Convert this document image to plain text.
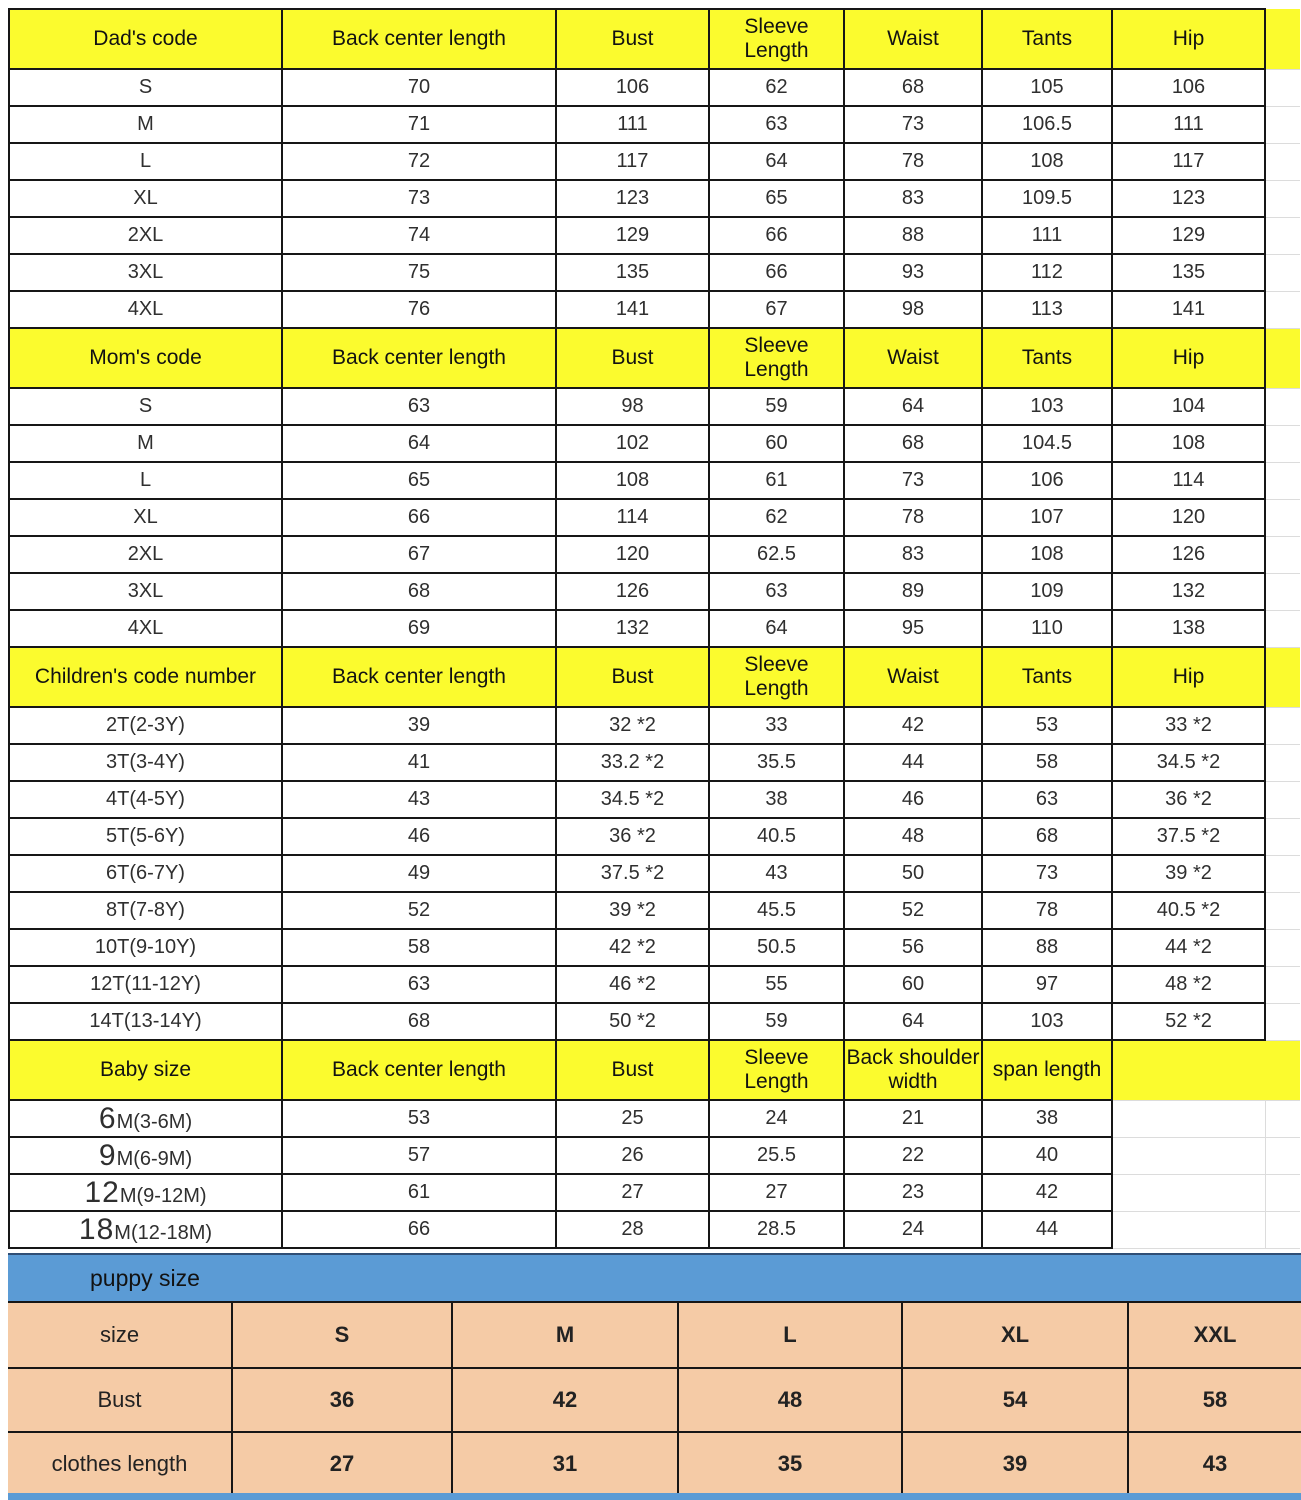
Dad's code	Back center length	Bust	Sleeve Length	Waist	Tants	Hip	
S	70	106	62	68	105	106	
M	71	111	63	73	106.5	111	
L	72	117	64	78	108	117	
XL	73	123	65	83	109.5	123	
2XL	74	129	66	88	111	129	
3XL	75	135	66	93	112	135	
4XL	76	141	67	98	113	141	
Mom's code	Back center length	Bust	Sleeve Length	Waist	Tants	Hip	
S	63	98	59	64	103	104	
M	64	102	60	68	104.5	108	
L	65	108	61	73	106	114	
XL	66	114	62	78	107	120	
2XL	67	120	62.5	83	108	126	
3XL	68	126	63	89	109	132	
4XL	69	132	64	95	110	138	
Children's code number	Back center length	Bust	Sleeve Length	Waist	Tants	Hip	
2T(2-3Y)	39	32 *2	33	42	53	33 *2	
3T(3-4Y)	41	33.2 *2	35.5	44	58	34.5 *2	
4T(4-5Y)	43	34.5 *2	38	46	63	36 *2	
5T(5-6Y)	46	36 *2	40.5	48	68	37.5 *2	
6T(6-7Y)	49	37.5 *2	43	50	73	39 *2	
8T(7-8Y)	52	39 *2	45.5	52	78	40.5 *2	
10T(9-10Y)	58	42 *2	50.5	56	88	44 *2	
12T(11-12Y)	63	46 *2	55	60	97	48 *2	
14T(13-14Y)	68	50 *2	59	64	103	52 *2	
Baby size	Back center length	Bust	Sleeve Length	Back shoulder width	span length		
6M(3-6M)	53	25	24	21	38		
9M(6-9M)	57	26	25.5	22	40		
12M(9-12M)	61	27	27	23	42		
18M(12-18M)	66	28	28.5	24	44		
puppy size
size	S	M	L	XL	XXL
Bust	36	42	48	54	58
clothes length	27	31	35	39	43
